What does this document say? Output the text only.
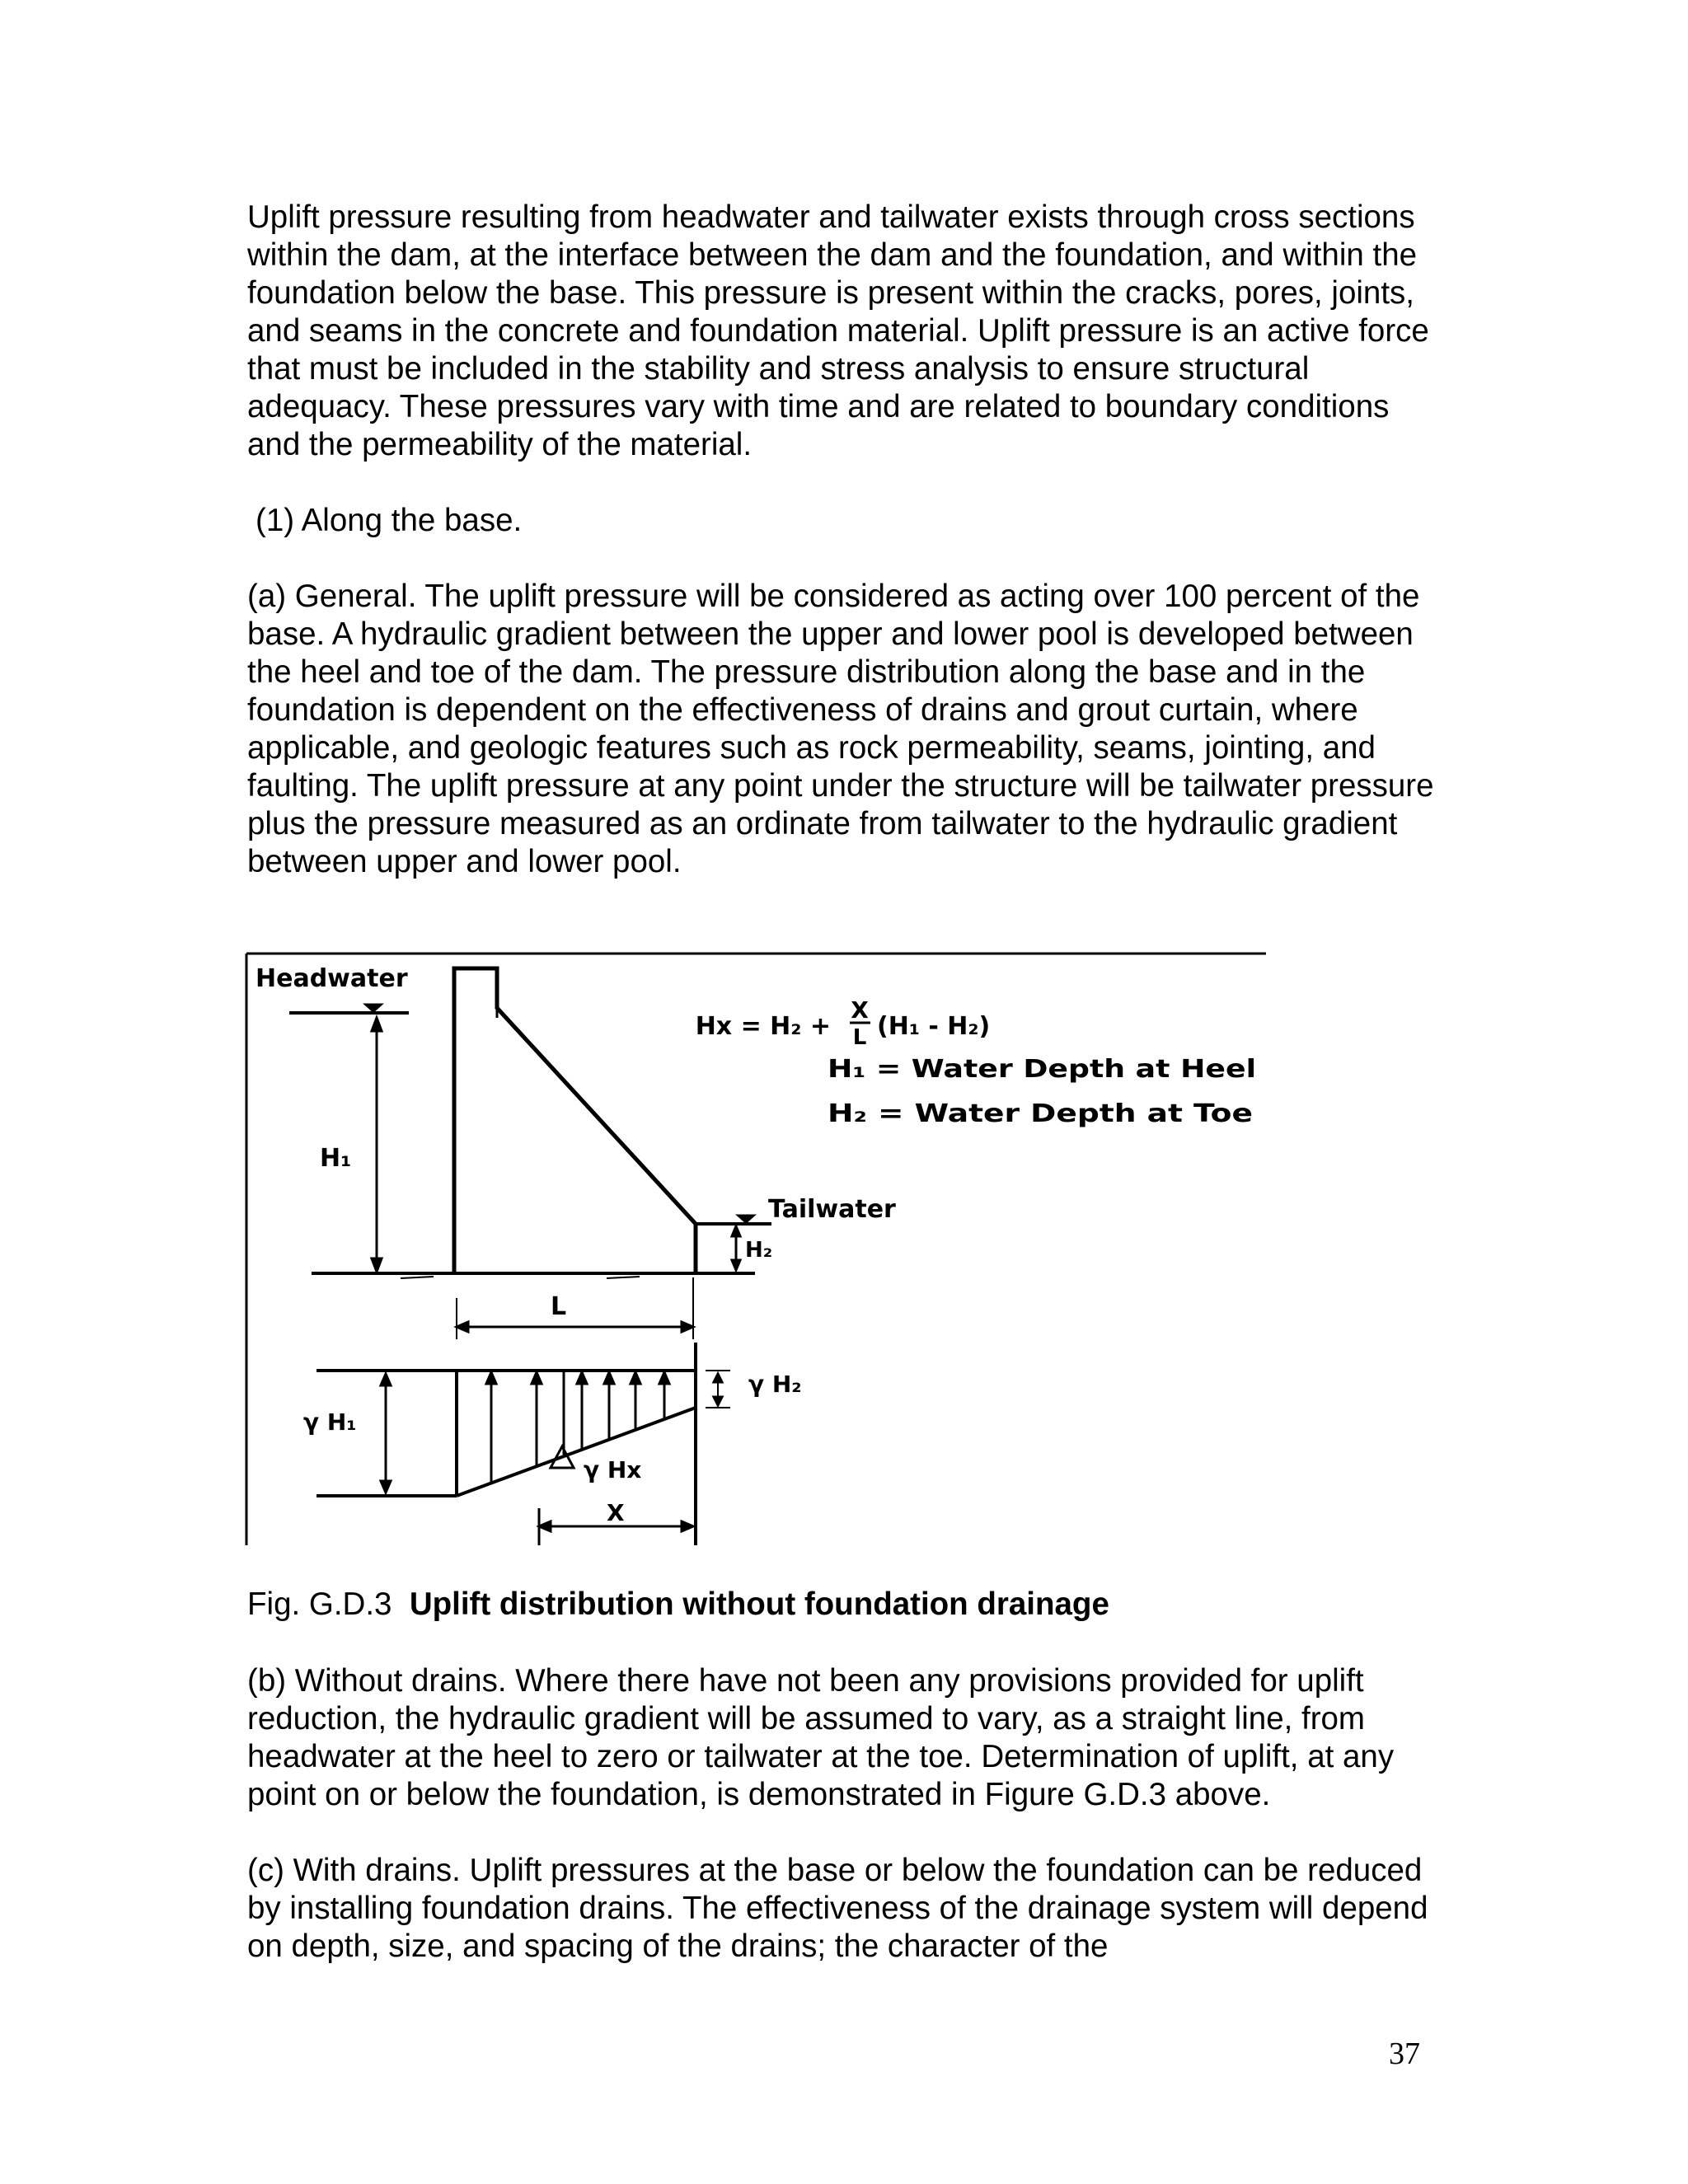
Uplift pressure resulting from headwater and tailwater exists through cross sections within the dam, at the interface between the dam and the foundation, and within the foundation below the base. This pressure is present within the cracks, pores, joints, and seams in the concrete and foundation material. Uplift pressure is an active force that must be included in the stability and stress analysis to ensure structural adequacy. These pressures vary with time and are related to boundary conditions and the permeability of the material.

(1) Along the base.

(a) General. The uplift pressure will be considered as acting over 100 percent of the base. A hydraulic gradient between the upper and lower pool is developed between the heel and toe of the dam. The pressure distribution along the base and in the foundation is dependent on the effectiveness of drains and grout curtain, where applicable, and geologic features such as rock permeability, seams, jointing, and faulting. The uplift pressure at any point under the structure will be tailwater pressure plus the pressure measured as an ordinate from tailwater to the hydraulic gradient between upper and lower pool.

Headwater
H₁
Tailwater
H₂
L
γ H₁
γ H₂
γ Hx
X
Hx = H₂ +
X
L (H₁ - H₂)
H₁ = Water Depth at Heel
H₂ = Water Depth at Toe

Fig. G.D.3 Uplift distribution without foundation drainage

(b) Without drains. Where there have not been any provisions provided for uplift reduction, the hydraulic gradient will be assumed to vary, as a straight line, from headwater at the heel to zero or tailwater at the toe. Determination of uplift, at any point on or below the foundation, is demonstrated in Figure G.D.3 above.

(c) With drains. Uplift pressures at the base or below the foundation can be reduced by installing foundation drains. The effectiveness of the drainage system will depend on depth, size, and spacing of the drains; the character of the

37
